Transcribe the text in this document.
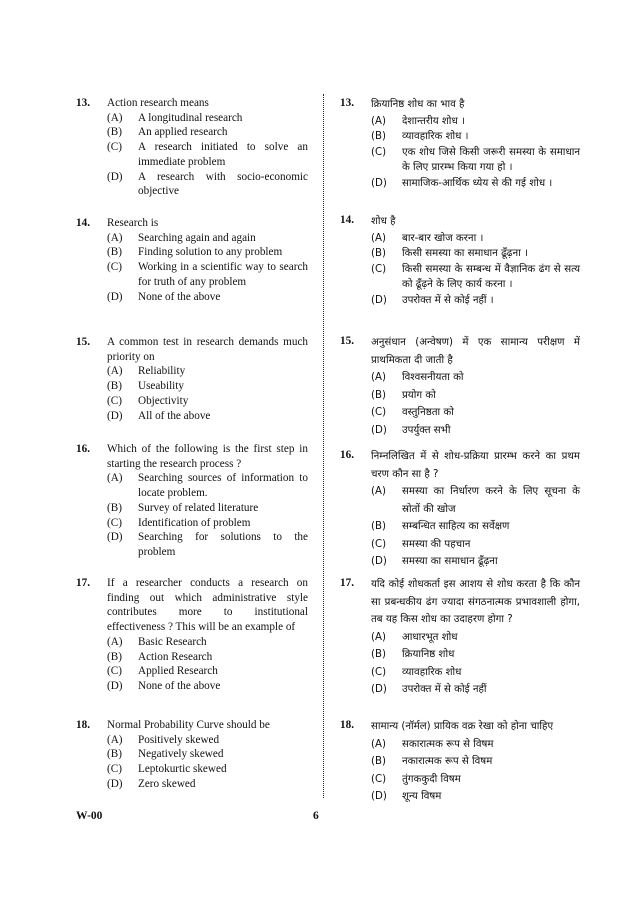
13. Action research means
(A) A longitudinal research
(B) An applied research
(C) A research initiated to solve an immediate problem
(D) A research with socio-economic objective
14. Research is
(A) Searching again and again
(B) Finding solution to any problem
(C) Working in a scientific way to search for truth of any problem
(D) None of the above
15. A common test in research demands much priority on
(A) Reliability
(B) Useability
(C) Objectivity
(D) All of the above
16. Which of the following is the first step in starting the research process ?
(A) Searching sources of information to locate problem.
(B) Survey of related literature
(C) Identification of problem
(D) Searching for solutions to the problem
17. If a researcher conducts a research on finding out which administrative style contributes more to institutional effectiveness ? This will be an example of
(A) Basic Research
(B) Action Research
(C) Applied Research
(D) None of the above
18. Normal Probability Curve should be
(A) Positively skewed
(B) Negatively skewed
(C) Leptokurtic skewed
(D) Zero skewed
13. क्रियानिष्ठ शोध का भाव है
(A) देशान्तरीय शोध ।
(B) व्यावहारिक शोध ।
(C) एक शोध जिसे किसी जरूरी समस्या के समाधान के लिए प्रारम्भ किया गया हो ।
(D) सामाजिक-आर्थिक ध्येय से की गई शोध ।
14. शोध है
(A) बार-बार खोज करना ।
(B) किसी समस्या का समाधान ढूँढ़ना ।
(C) किसी समस्या के सम्बन्ध में वैज्ञानिक ढंग से सत्य को ढूँढ़ने के लिए कार्य करना ।
(D) उपरोक्त में से कोई नहीं ।
15. अनुसंधान (अन्वेषण) में एक सामान्य परीक्षण में प्राथमिकता दी जाती है
(A) विश्वसनीयता को
(B) प्रयोग को
(C) वस्तुनिष्ठता को
(D) उपर्युक्त सभी
16. निम्नलिखित में से शोध-प्रक्रिया प्रारम्भ करने का प्रथम चरण कौन सा है ?
(A) समस्या का निर्धारण करने के लिए सूचना के स्रोतों की खोज
(B) सम्बन्धित साहित्य का सर्वेक्षण
(C) समस्या की पहचान
(D) समस्या का समाधान ढूँढ़ना
17. यदि कोई शोधकर्ता इस आशय से शोध करता है कि कौन सा प्रबन्धकीय ढंग ज्यादा संगठनात्मक प्रभावशाली होगा, तब यह किस शोध का उदाहरण होगा ?
(A) आधारभूत शोध
(B) क्रियानिष्ठ शोध
(C) व्यावहारिक शोध
(D) उपरोक्त में से कोई नहीं
18. सामान्य (नॉर्मल) प्रायिक वक्र रेखा को होना चाहिए
(A) सकारात्मक रूप से विषम
(B) नकारात्मक रूप से विषम
(C) तुंगककुदी विषम
(D) शून्य विषम
W-00	6
